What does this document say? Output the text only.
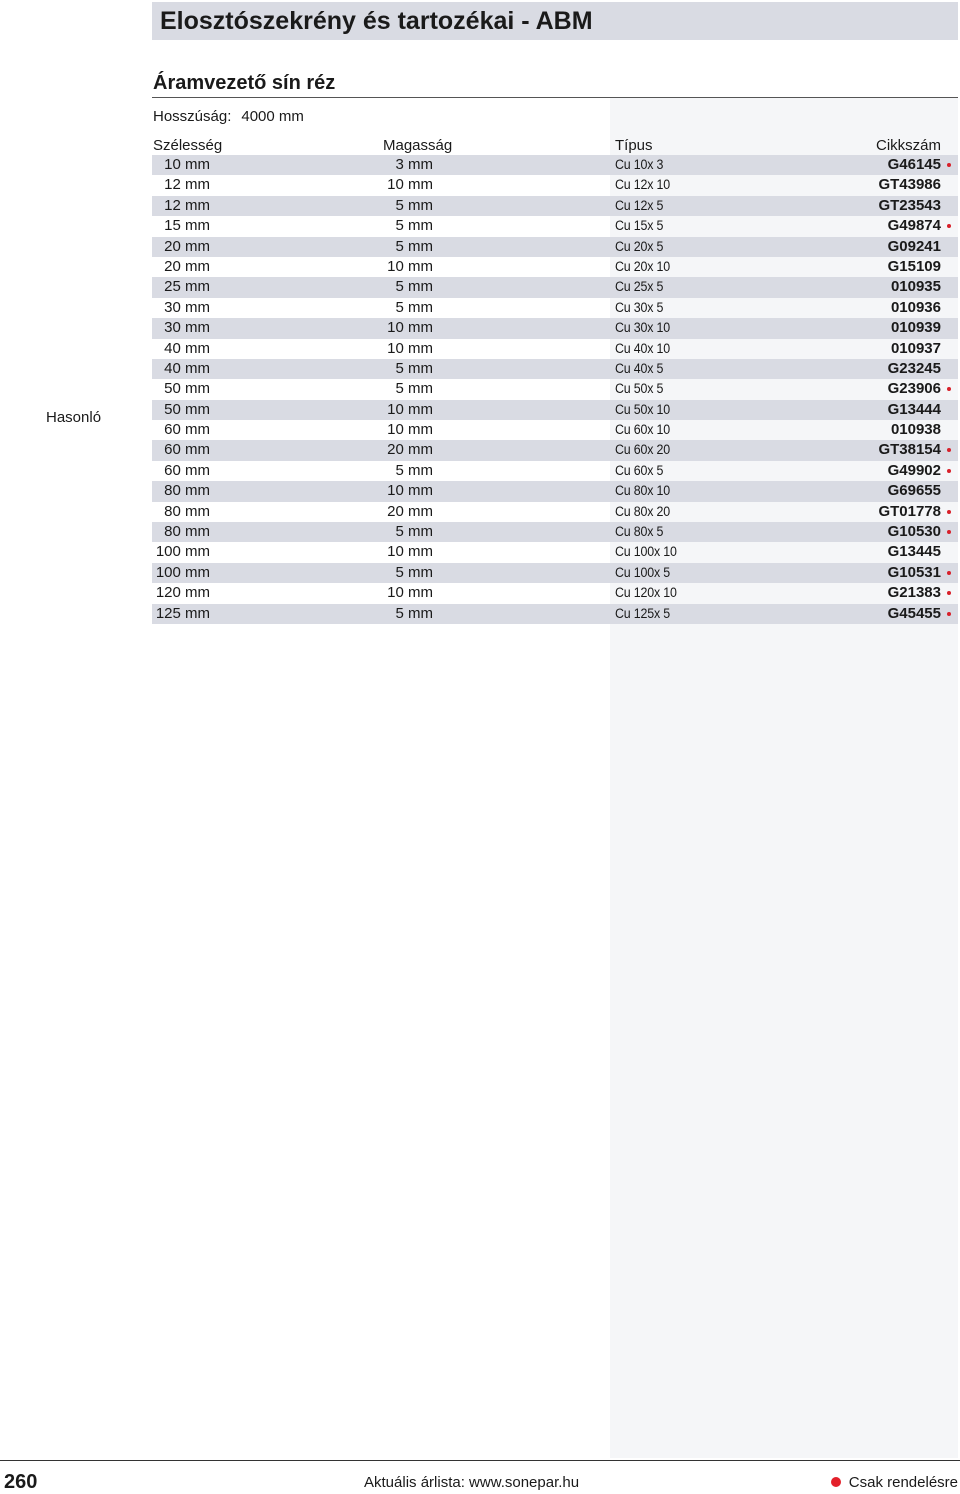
Elosztószekrény és tartozékai - ABM
Áramvezető sín réz
Hosszúság: 4000 mm
Hasonló
Szélesség	Magasság	Típus	Cikkszám
10 mm	3 mm	Cu 10x 3	G46145
12 mm	10 mm	Cu 12x 10	GT43986
12 mm	5 mm	Cu 12x 5	GT23543
15 mm	5 mm	Cu 15x 5	G49874
20 mm	5 mm	Cu 20x 5	G09241
20 mm	10 mm	Cu 20x 10	G15109
25 mm	5 mm	Cu 25x 5	010935
30 mm	5 mm	Cu 30x 5	010936
30 mm	10 mm	Cu 30x 10	010939
40 mm	10 mm	Cu 40x 10	010937
40 mm	5 mm	Cu 40x 5	G23245
50 mm	5 mm	Cu 50x 5	G23906
50 mm	10 mm	Cu 50x 10	G13444
60 mm	10 mm	Cu 60x 10	010938
60 mm	20 mm	Cu 60x 20	GT38154
60 mm	5 mm	Cu 60x 5	G49902
80 mm	10 mm	Cu 80x 10	G69655
80 mm	20 mm	Cu 80x 20	GT01778
80 mm	5 mm	Cu 80x 5	G10530
100 mm	10 mm	Cu 100x 10	G13445
100 mm	5 mm	Cu 100x 5	G10531
120 mm	10 mm	Cu 120x 10	G21383
125 mm	5 mm	Cu 125x 5	G45455
260	Aktuális árlista: www.sonepar.hu	Csak rendelésre
